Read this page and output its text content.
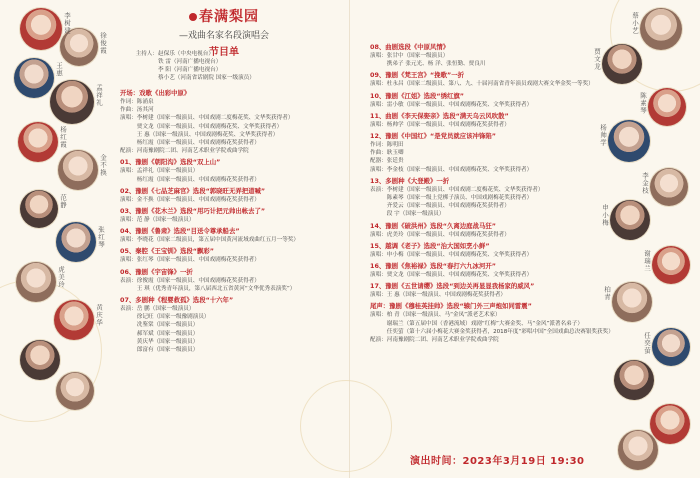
春满梨园
—戏曲名家名段演唱会
节目单
主持人：赵保乐（中央电视台）
铁 雷（河南广播电视台）
李 阳（河南广播电视台）
蔡小艺（河南省话剧院 国家一级演员）
开场：戏歌《出彩中原》
作词：陈涌泉
作曲：汤其河
演唱：李树建（国家一级演员、中国戏剧二度梅花奖、文华奖获得者）
　　　贾文龙（国家一级演员、中国戏剧梅花奖、文华奖获得者）
　　　王 惠（国家一级演员、中国戏剧梅花奖、文华奖获得者）
　　　杨红霞（国家一级演员、中国戏剧梅花奖获得者）
配演：河南豫剧院二团、河南艺术职业学院戏曲学院
01、豫剧《朝阳沟》选段“双上山”
演唱：孟祥礼（国家一级演员）
　　　杨红霞（国家一级演员、中国戏剧梅花奖获得者）
02、豫剧《七品芝麻官》选段“郭晓旺无弄把道喊”
演唱：金不换（国家一级演员、中国戏剧梅花奖获得者）
03、豫剧《花木兰》选段“用巧计把元帅出帐去了”
演唱：范 静（国家一级演员）
04、豫剧《鲁肃》选段“目送令尊承船去”
演唱：李晓花（国家二级演员，第五届中国黄河流域戏曲红五月一等奖）
05、秦腔《王宝钏》选段“飘彩”
演唱：张红琴（国家一级演员、中国戏剧梅花奖获得者）
06、豫剧《宇宙锋》一折
表演：徐俊霞（国家一级演员、中国戏剧梅花奖获得者）
　　　王 琪（优秀青年演员，第八届西北五省黄河“文华优秀表演奖”）
07、多剧种《程婴救孤》选段“十六年”
表演：岳 鹏（国家一级演员）
　　　徐记旺（国家一级豫剧演员）
　　　冼鉴棠（国家一级演员）
　　　郝军斌（国家一级演员）
　　　黄庆华（国家一级演员）
　　　郎富有（国家一级演员）
08、曲剧选段《中原风情》
演唱：张甘中（国家一级演员）
　　　携弟子 张元光、杨 洋、张恒勤、贾良川
09、豫剧《梵王宫》“挽歌”一折
演唱：杜永昌（国家二级演员、第八、九、十届河南省青年演员戏剧大赛文华金奖一等奖）
10、豫剧《江姐》选段“绣红旗”
演唱：雷小敏（国家一级演员、中国戏剧梅花奖、文华奖获得者）
11、曲剧《李天保娶亲》选段“满天乌云风吹散”
演唱：杨帅学（国家一级演员、中国戏剧梅花奖获得者）
12、豫剧《中国红》“是党员就应该冲锋陷”
作词：陈明田
作曲：耿玉卿
配器：张廷贵
演唱：李金枝（国家一级演员、中国戏剧梅花奖、文华奖获得者）
13、多剧种《大登殿》一折
表演：李树建（国家一级演员、中国戏剧二度梅花奖、文华奖获得者）
　　　陈素琴（国家一级上党梆子演员、中国戏剧梅花奖获得者）
　　　齐爱云（国家一级演员、中国戏剧梅花奖获得者）
　　　段 宇（国家一级演员）
14、豫剧《破洪州》选段“久离边庭战马狂”
演唱：虎美玲（国家一级演员、中国戏剧梅花奖获得者）
15、越调《老子》选段“治大国如烹小鲜”
演唱：申小梅（国家一级演员、中国戏剧梅花奖、文华奖获得者）
16、豫剧《焦裕禄》选段“春打六九冰河开”
演唱：贾文龙（国家一级演员、中国戏剧梅花奖、文华奖获得者）
17、豫剧《五世请缨》选段“到边关再显显我杨家的威风”
演唱：王 惠（国家一级演员、中国戏剧梅花奖获得者）
尾声：豫剧《穆桂英挂帅》选段“辕门外三声炮如同雷震”
演唱：柏 青（国家一级演员、马“金凤”派老艺术家）
　　　谢瑞兰（第五届中国（香港流域）戏剧“红梅”大赛金奖、马“金风”派著名弟子）
　　　任奕萤（第十六届小梅花大赛金奖获得者，2018年度“彩唱中国”全国戏曲总决赛银奖获奖）
配演：河南豫剧院二团、河南艺术职业学院戏曲学院
演出时间：2023年3月19日 19:30
李树建
徐俊霞
王惠
孟祥礼
杨红霞
金不换
范静
张红琴
虎美玲
黄庆华
蔡小艺
贾文龙
陈素琴
杨帅学
李金枝
申小梅
谢瑞兰
柏青
任奕萤
